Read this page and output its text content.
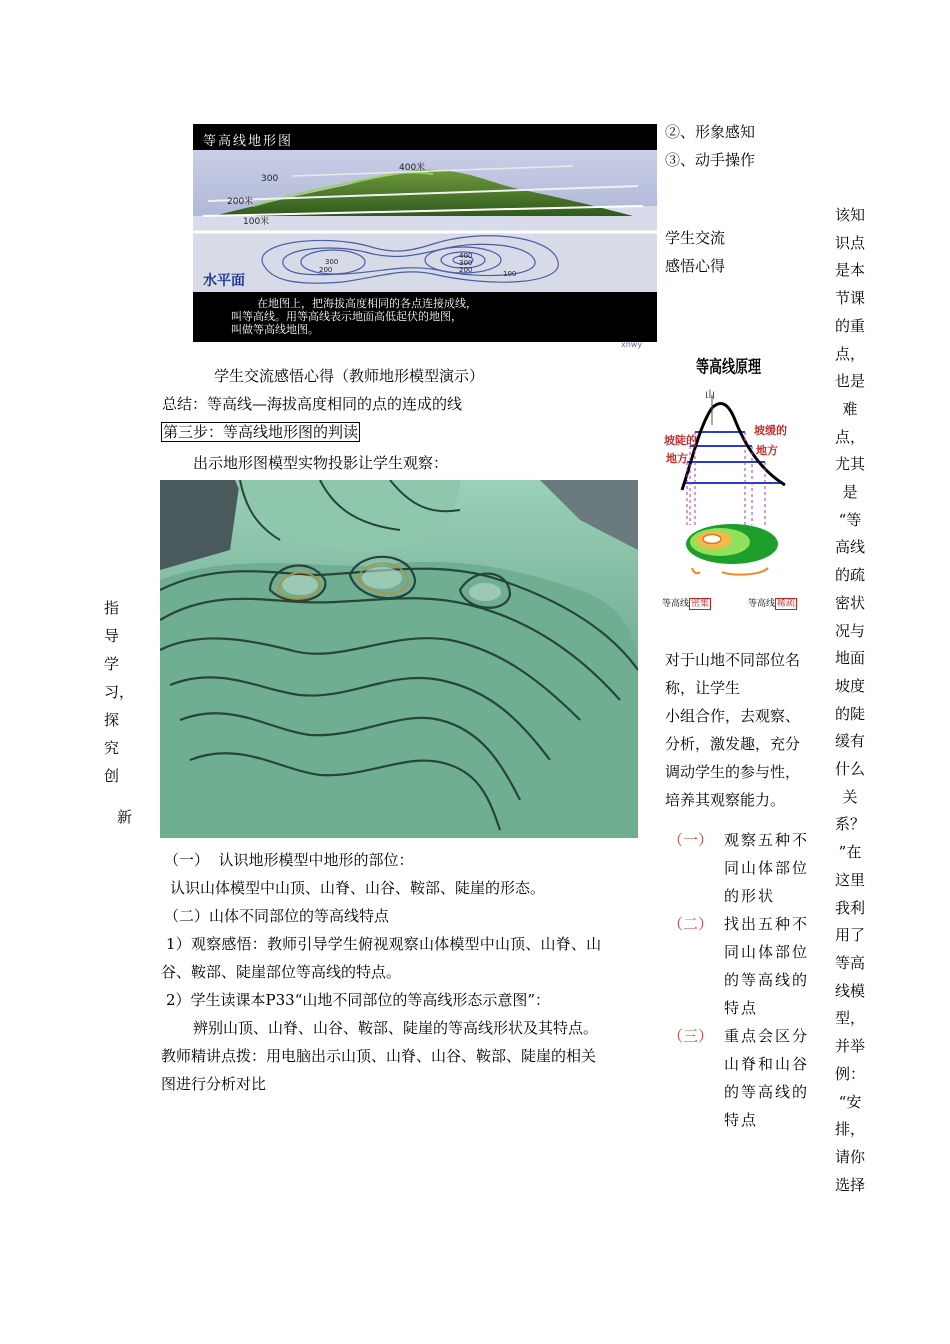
等高线地形图
400米
300
200米
100米
300
200
400
300
200	100
水平面
在地图上，把海拔高度相同的各点连接成线，
叫等高线。用等高线表示地面高低起伏的地图，
叫做等高线地图。
xhwy
学生交流感悟心得（教师地形模型演示）
总结：等高线—海拔高度相同的点的连成的线
第三步：等高线地形图的判读
出示地形图模型实物投影让学生观察：
（一）  认识地形模型中地形的部位：
认识山体模型中山顶、山脊、山谷、鞍部、陡崖的形态。
（二）山体不同部位的等高线特点
1）观察感悟：教师引导学生俯视观察山体模型中山顶、山脊、山
谷、鞍部、陡崖部位等高线的特点。
2）学生读课本P33“山地不同部位的等高线形态示意图”：
辨别山顶、山脊、山谷、鞍部、陡崖的等高线形状及其特点。
教师精讲点拨：用电脑出示山顶、山脊、山谷、鞍部、陡崖的相关
图进行分析对比
指
导
学
习，
探
究
创
新
②、形象感知
③、动手操作
学生交流
感悟心得
等高线原理
山
坡陡的
地方
坡缓的
地方
等高线 密集	等高线 稀疏
对于山地不同部位名
称，让学生
小组合作，去观察、
分析，激发趣，充分
调动学生的参与性，
培养其观察能力。
（一） 观察五种不
同山体部位
的形状
（二） 找出五种不
同山体部位
的等高线的
特点
（三） 重点会区分
山脊和山谷
的等高线的
特点
该知
识点
是本
节课
的重
点，
也是
难
点，
尤其
是
“等
高线
的疏
密状
况与
地面
坡度
的陡
缓有
什么
关
系？
”在
这里
我利
用了
等高
线模
型，
并举
例：
“安
排，
请你
选择
